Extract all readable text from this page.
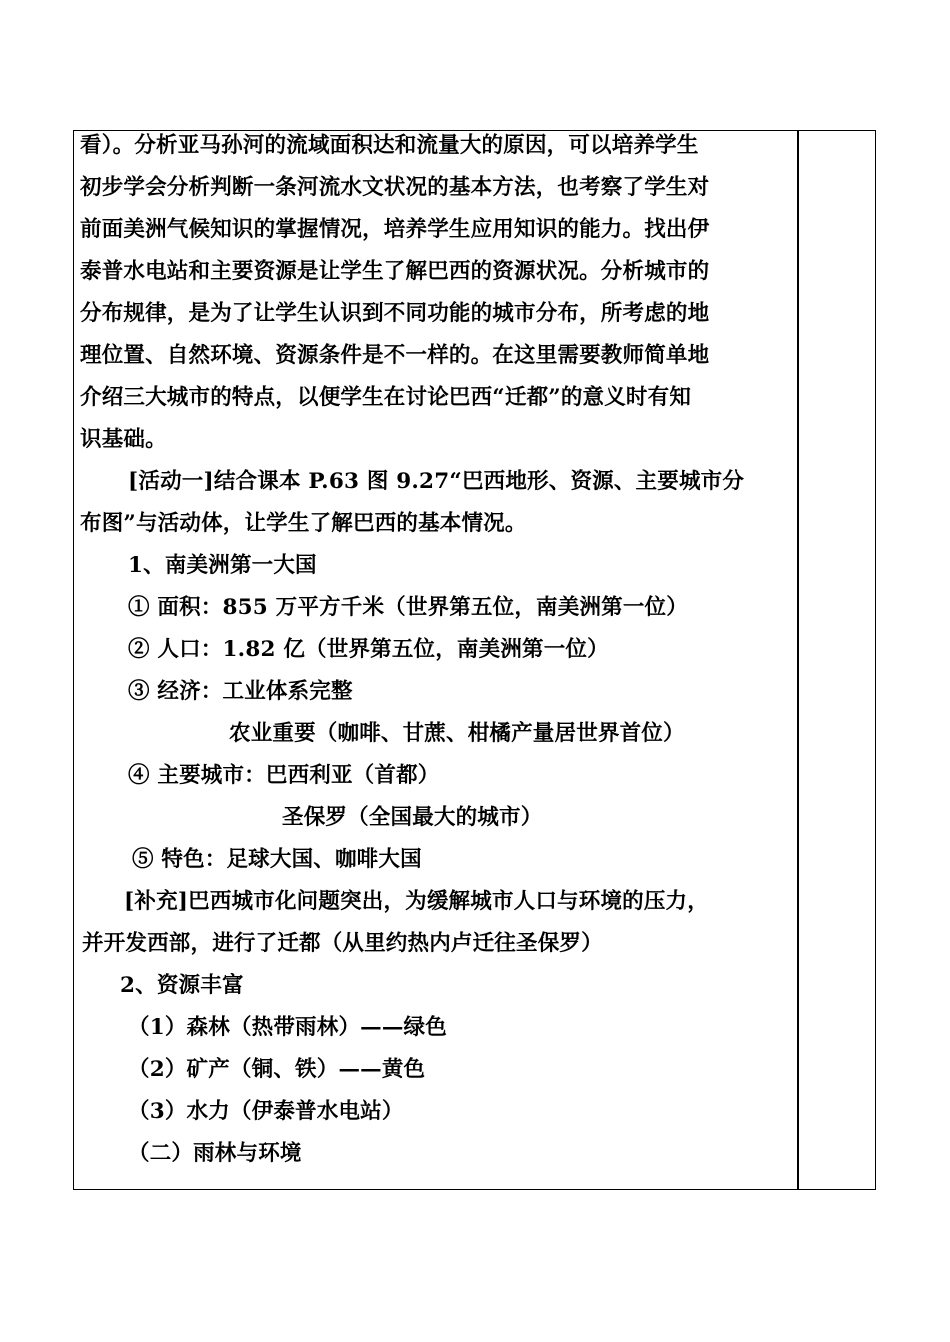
看）。分析亚马孙河的流域面积达和流量大的原因，可以培养学生
初步学会分析判断一条河流水文状况的基本方法，也考察了学生对
前面美洲气候知识的掌握情况，培养学生应用知识的能力。找出伊
泰普水电站和主要资源是让学生了解巴西的资源状况。分析城市的
分布规律，是为了让学生认识到不同功能的城市分布，所考虑的地
理位置、自然环境、资源条件是不一样的。在这里需要教师简单地
介绍三大城市的特点，以便学生在讨论巴西“迁都”的意义时有知
识基础。
[活动一]结合课本 P.63 图 9.27“巴西地形、资源、主要城市分
布图”与活动体，让学生了解巴西的基本情况。
1、南美洲第一大国
① 面积：855 万平方千米（世界第五位，南美洲第一位）
② 人口：1.82 亿（世界第五位，南美洲第一位）
③ 经济：工业体系完整
农业重要（咖啡、甘蔗、柑橘产量居世界首位）
④ 主要城市：巴西利亚（首都）
圣保罗（全国最大的城市）
⑤ 特色：足球大国、咖啡大国
[补充]巴西城市化问题突出，为缓解城市人口与环境的压力，
并开发西部，进行了迁都（从里约热内卢迁往圣保罗）
2、资源丰富
（1）森林（热带雨林）——绿色
（2）矿产（铜、铁）——黄色
（3）水力（伊泰普水电站）
（二）雨林与环境
